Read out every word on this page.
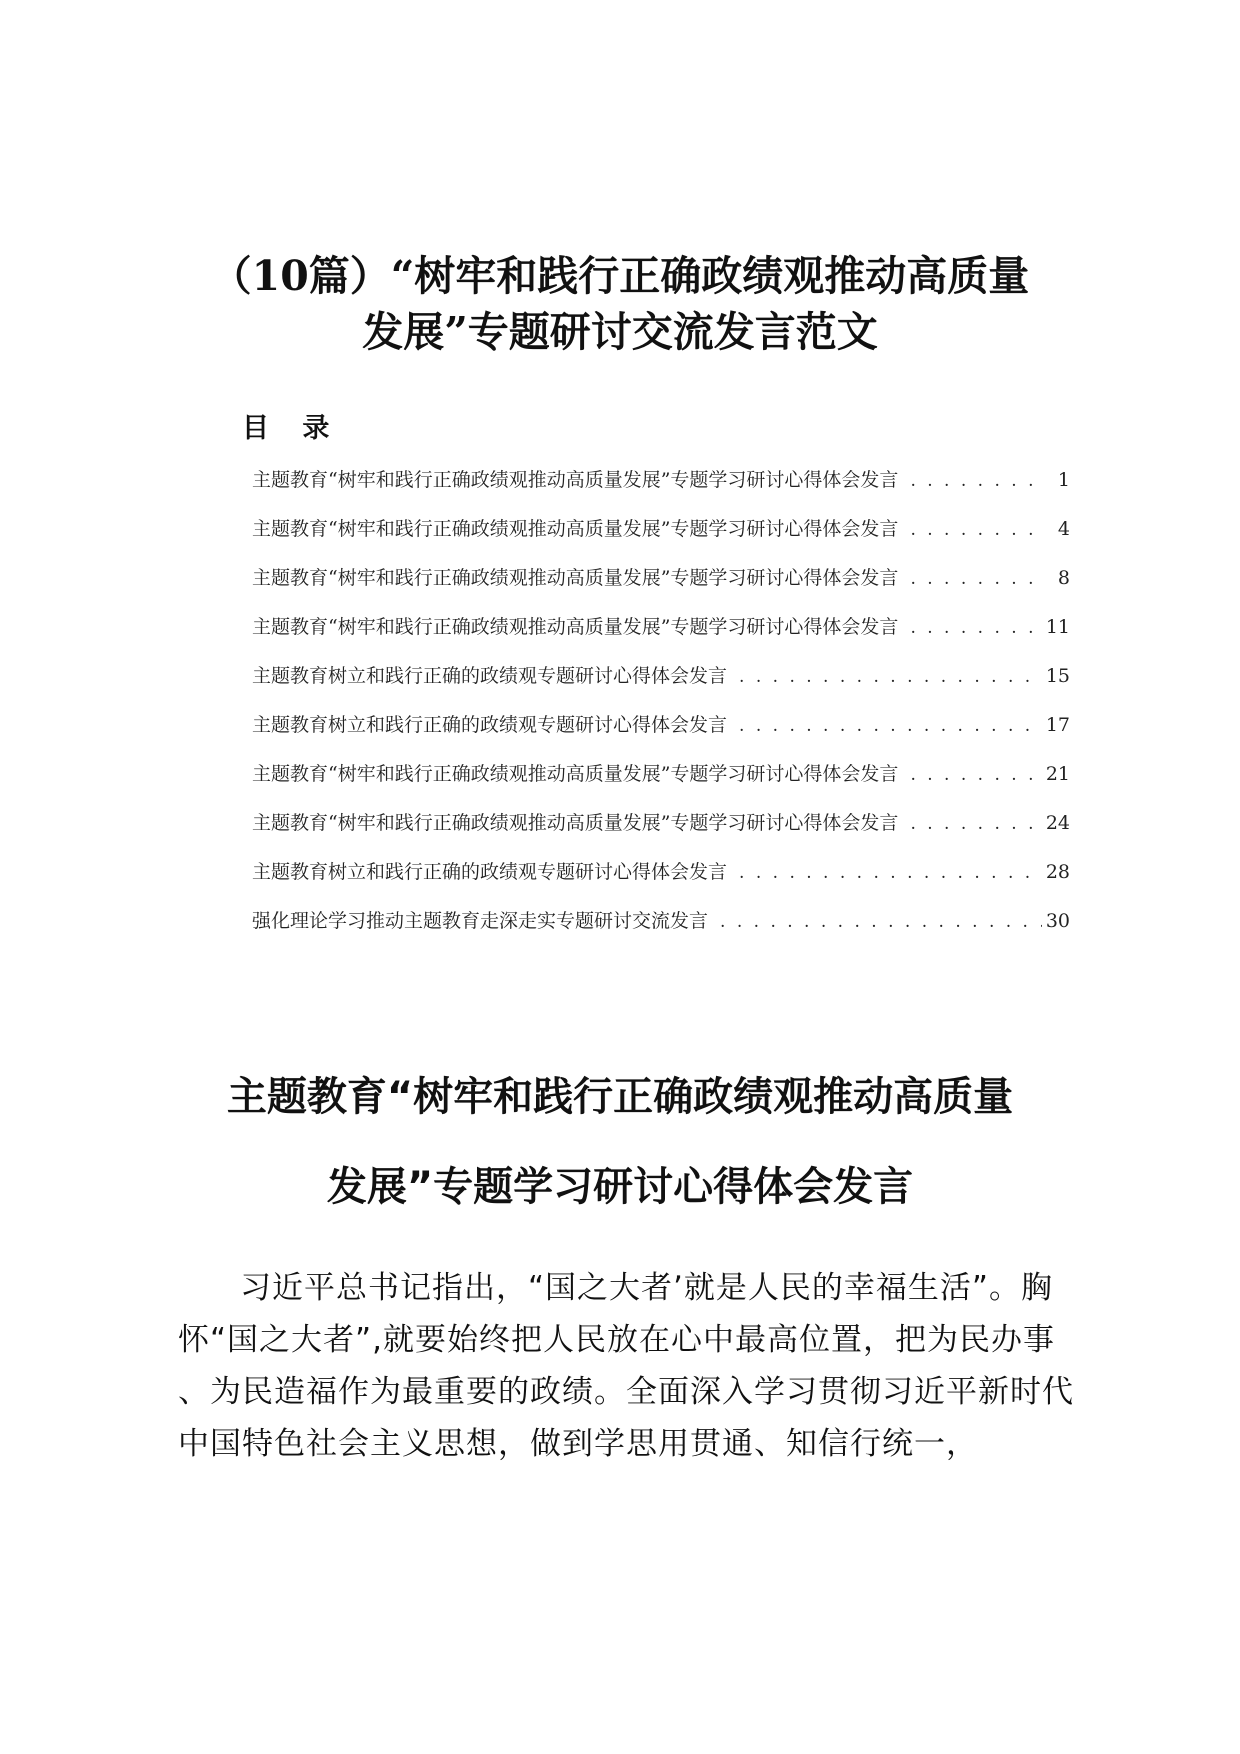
（10篇）“树牢和践行正确政绩观推动高质量
发展”专题研讨交流发言范文
目 录
主题教育“树牢和践行正确政绩观推动高质量发展”专题学习研讨心得体会发言 . . .	1
主题教育“树牢和践行正确政绩观推动高质量发展”专题学习研讨心得体会发言 . . .	4
主题教育“树牢和践行正确政绩观推动高质量发展”专题学习研讨心得体会发言 . . .	8
主题教育“树牢和践行正确政绩观推动高质量发展”专题学习研讨心得体会发言 . . .	11
主题教育树立和践行正确的政绩观专题研讨心得体会发言 . . .	15
主题教育树立和践行正确的政绩观专题研讨心得体会发言 . . .	17
主题教育“树牢和践行正确政绩观推动高质量发展”专题学习研讨心得体会发言 . . .	21
主题教育“树牢和践行正确政绩观推动高质量发展”专题学习研讨心得体会发言 . . .	24
主题教育树立和践行正确的政绩观专题研讨心得体会发言 . . .	28
强化理论学习推动主题教育走深走实专题研讨交流发言 . . .	30
主题教育“树牢和践行正确政绩观推动高质量
发展”专题学习研讨心得体会发言

习近平总书记指出，“国之大者’就是人民的幸福生活”。胸怀“国之大者”,就要始终把人民放在心中最高位置，把为民办事 、为民造福作为最重要的政绩。全面深入学习贯彻习近平新时代中国特色社会主义思想，做到学思用贯通、知信行统一，
